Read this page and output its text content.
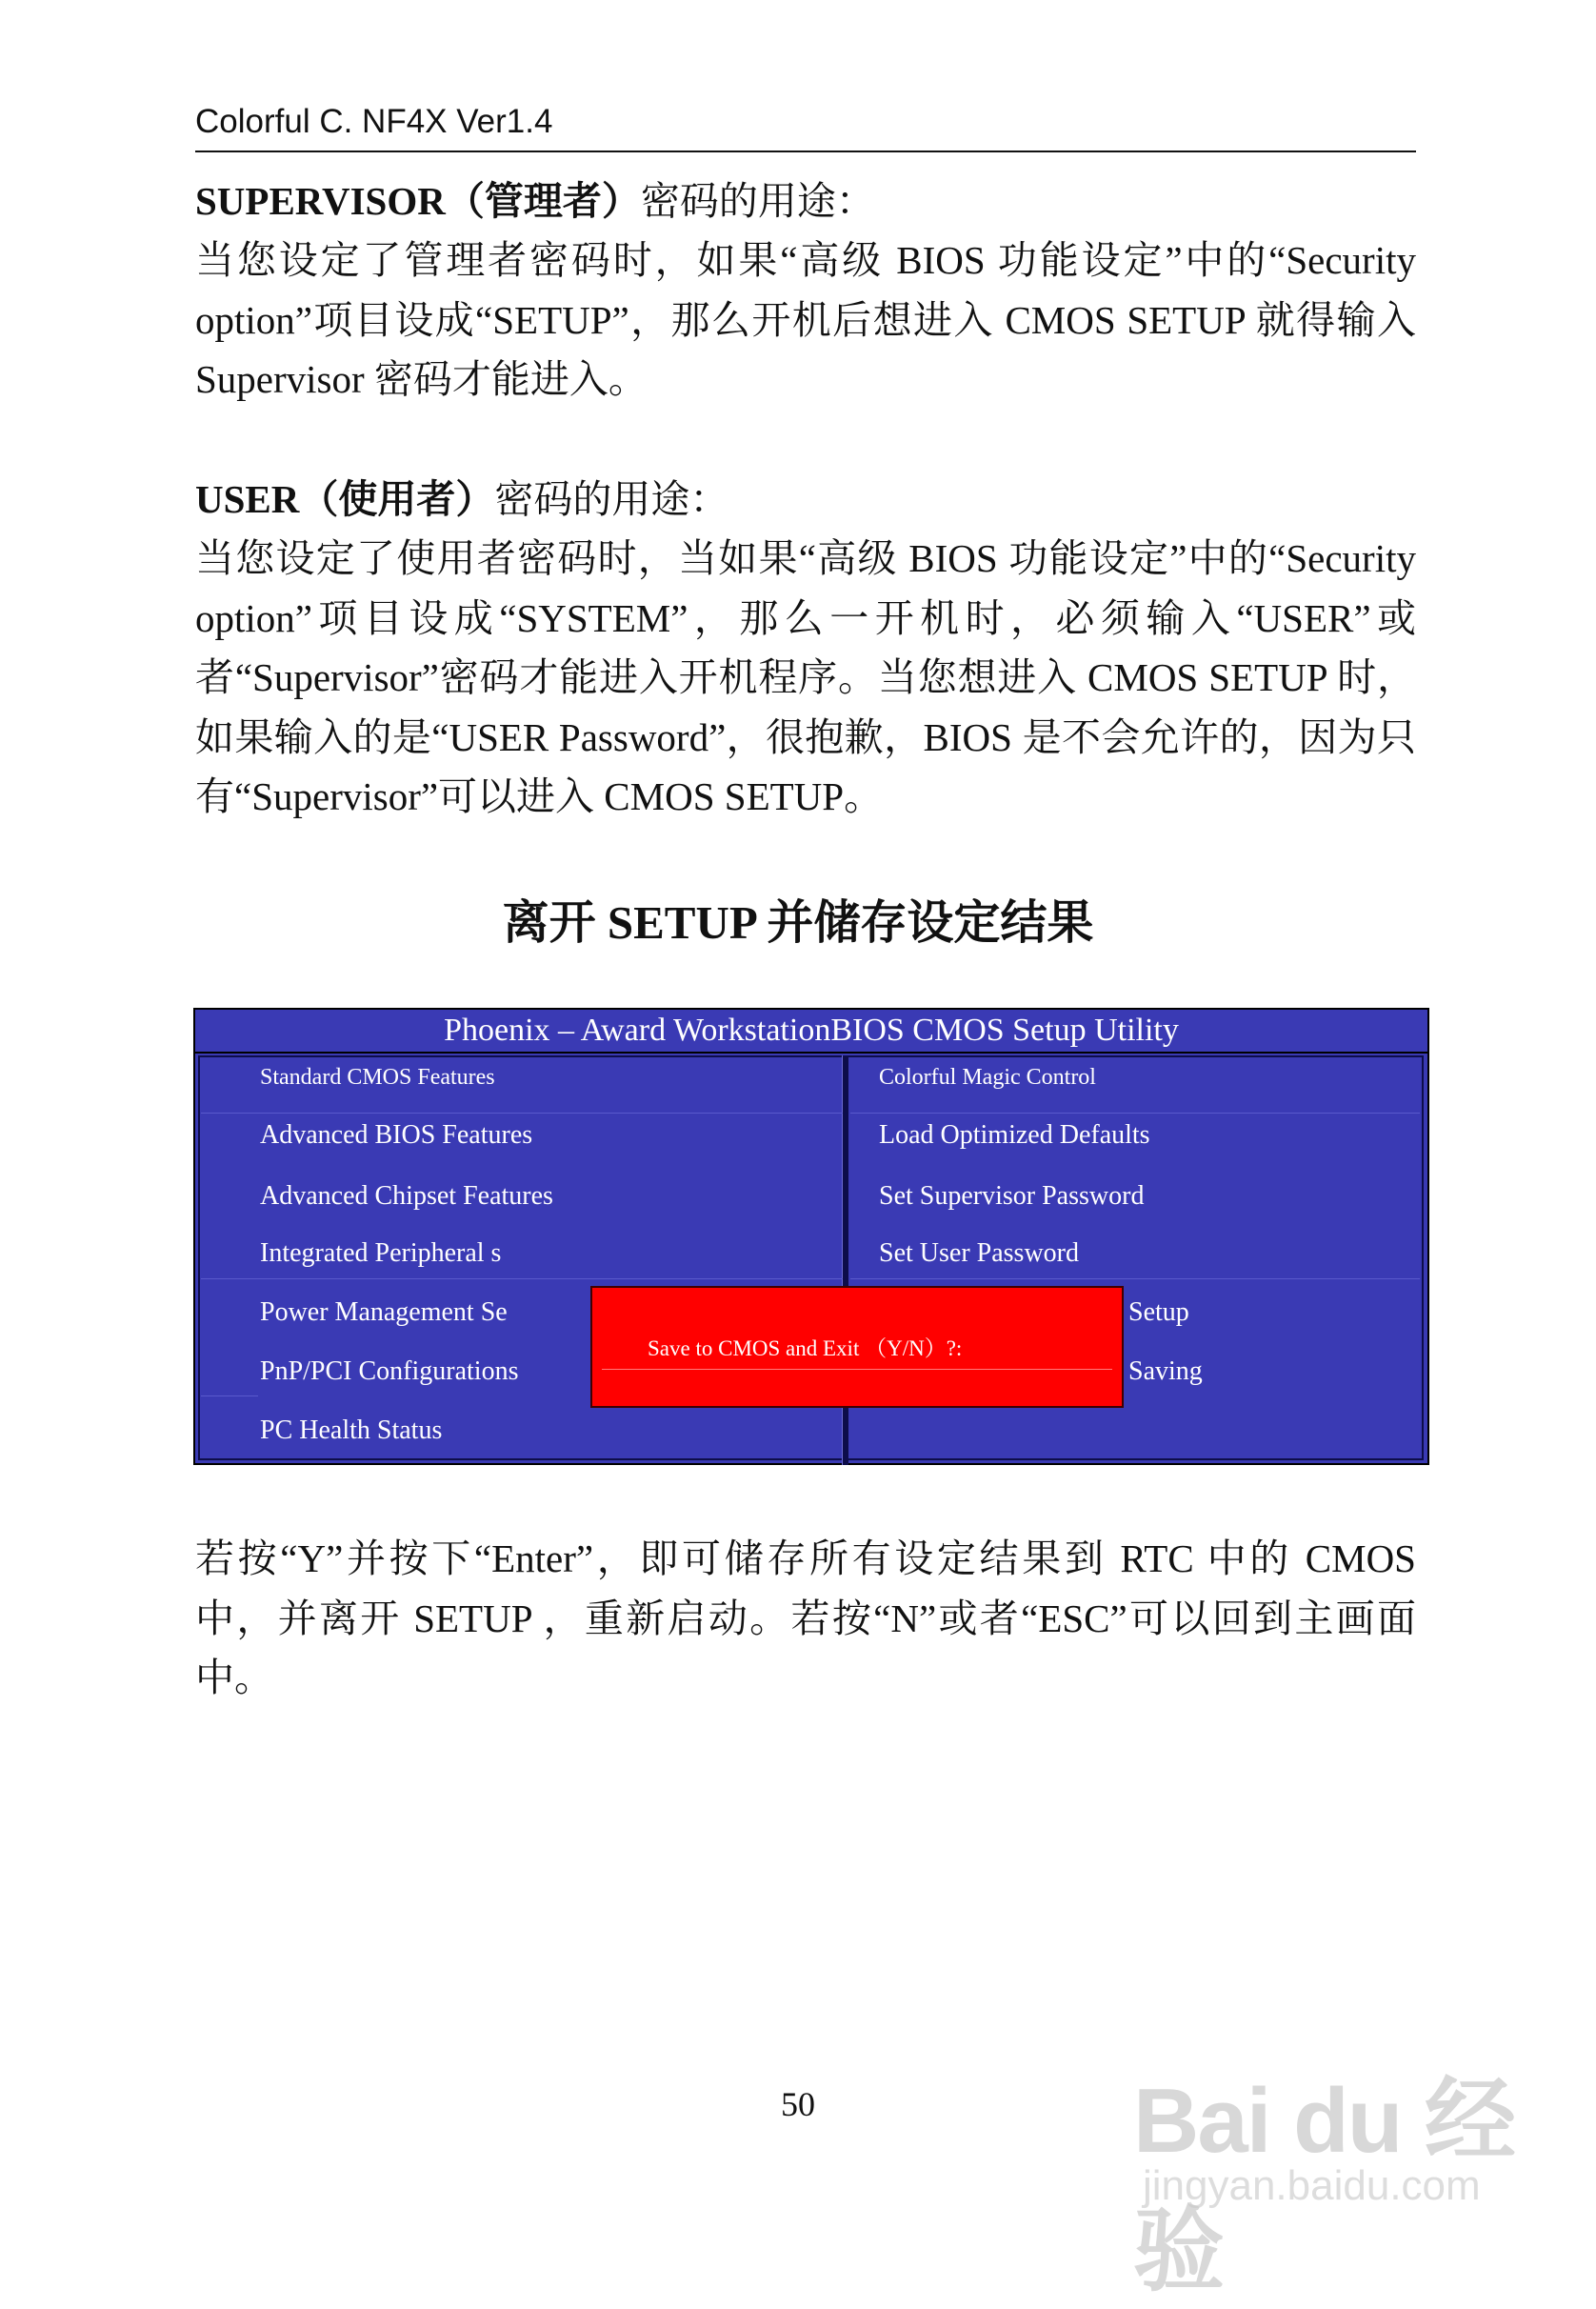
Colorful C. NF4X Ver1.4
SUPERVISOR（管理者）密码的用途：

当您设定了管理者密码时，如果“高级 BIOS 功能设定”中的“Security option”项目设成“SETUP”，那么开机后想进入 CMOS SETUP 就得输入 Supervisor 密码才能进入。

USER（使用者）密码的用途：

当您设定了使用者密码时，当如果“高级 BIOS 功能设定”中的“Security option”项目设成“SYSTEM”，那么一开机时，必须输入“USER”或者“Supervisor”密码才能进入开机程序。当您想进入 CMOS SETUP 时，如果输入的是“USER Password”，很抱歉，BIOS 是不会允许的，因为只有“Supervisor”可以进入 CMOS SETUP。

离开 SETUP 并储存设定结果
Phoenix – Award WorkstationBIOS CMOS Setup Utility
Standard CMOS Features
Advanced BIOS Features
Advanced Chipset Features
Integrated Peripheral s
Power Management Se
PnP/PCI Configurations
PC Health Status
Colorful Magic Control
Load Optimized Defaults
Set Supervisor Password
Set User Password
Setup
Saving
Save to CMOS and Exit （Y/N）?:

若按“Y”并按下“Enter”，即可储存所有设定结果到 RTC 中的 CMOS 中，并离开 SETUP ，重新启动。若按“N”或者“ESC”可以回到主画面中。

50	Bai du 经验
jingyan.baidu.com
